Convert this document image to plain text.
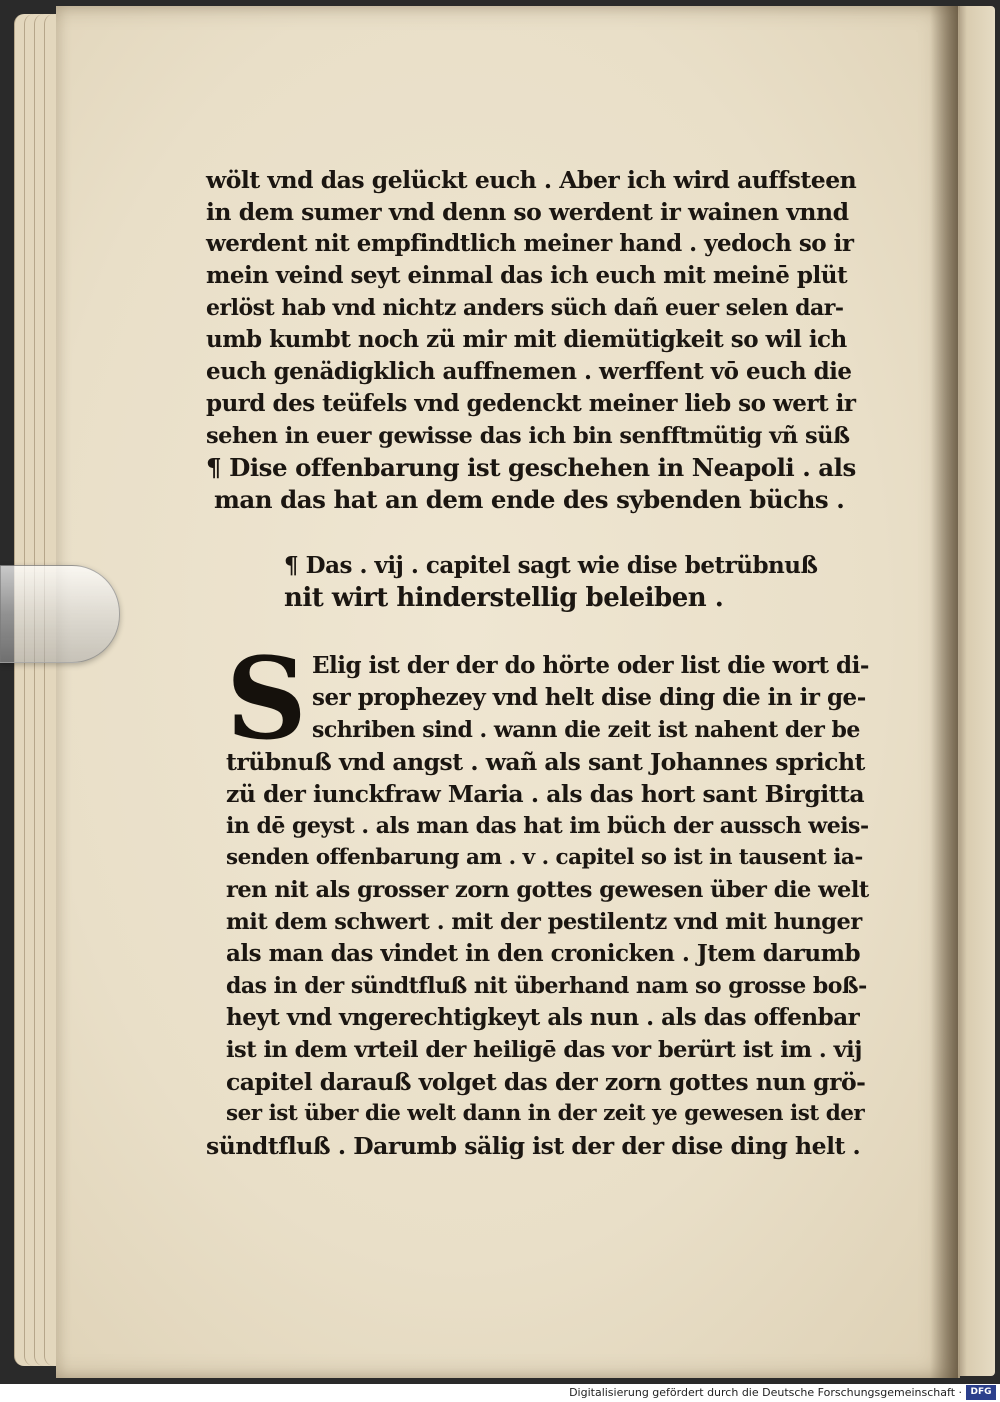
wölt vnd das gelückt euch . Aber ich wird auffsteen
in dem sumer vnd denn so werdent ir wainen vnnd
werdent nit empfindtlich meiner hand . yedoch so ir
mein veind seyt einmal das ich euch mit meinē plüt
erlöst hab vnd nichtz anders süch dañ euer selen dar-
umb kumbt noch zü mir mit diemütigkeit so wil ich
euch genädigklich auffnemen . werffent vō euch die
purd des teüfels vnd gedenckt meiner lieb so wert ir
sehen in euer gewisse das ich bin senfftmütig vñ süß
¶ Dise offenbarung ist geschehen in Neapoli . als
man das hat an dem ende des sybenden büchs .
¶ Das . vij . capitel sagt wie dise betrübnuß
nit wirt hinderstellig beleiben .
S Elig ist der der do hörte oder list die wort di-
ser prophezey vnd helt dise ding die in ir ge-
schriben sind . wann die zeit ist nahent der be
trübnuß vnd angst . wañ als sant Johannes spricht
zü der iunckfraw Maria . als das hort sant Birgitta
in dē geyst . als man das hat im büch der aussch weis-
senden offenbarung am . v . capitel so ist in tausent ia-
ren nit als grosser zorn gottes gewesen über die welt
mit dem schwert . mit der pestilentz vnd mit hunger
als man das vindet in den cronicken . Jtem darumb
das in der sündtfluß nit überhand nam so grosse boß-
heyt vnd vngerechtigkeyt als nun . als das offenbar
ist in dem vrteil der heiligē das vor berürt ist im . vij
capitel darauß volget das der zorn gottes nun grö-
ser ist über die welt dann in der zeit ye gewesen ist der
sündtfluß . Darumb sälig ist der der dise ding helt .
Digitalisierung gefördert durch die Deutsche Forschungsgemeinschaft · DFG
